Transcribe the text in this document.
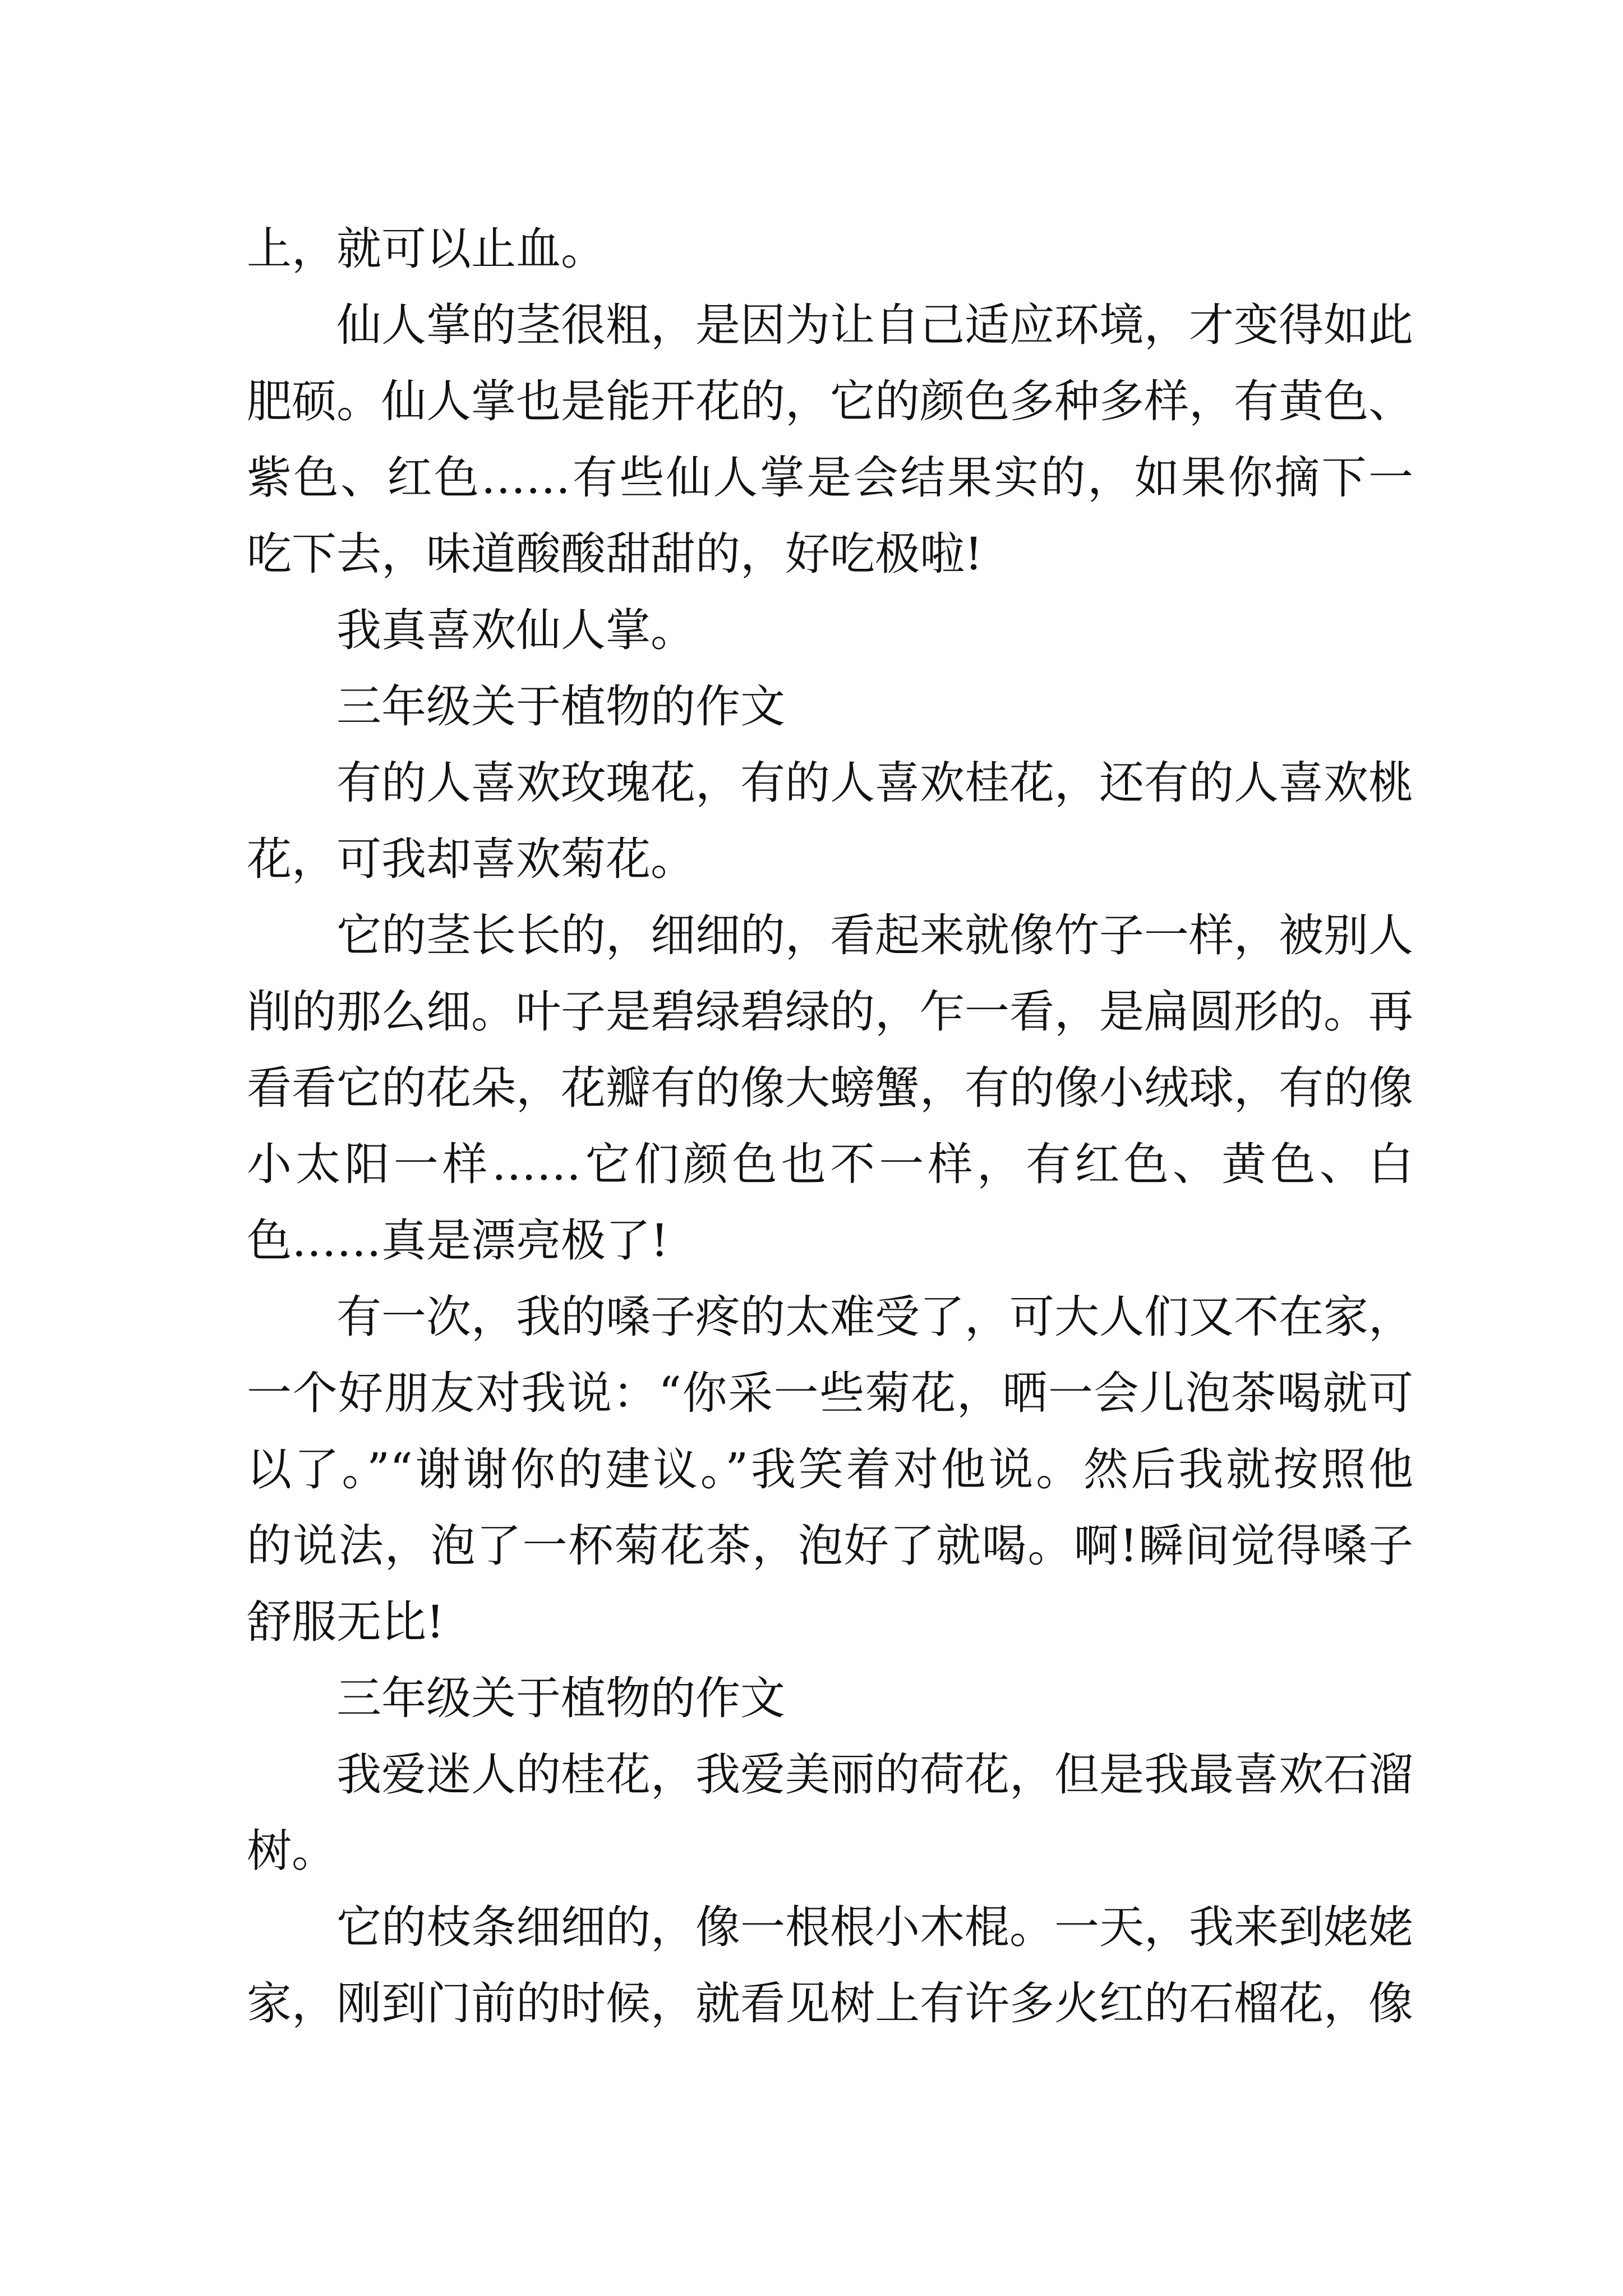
上，就可以止血。
仙人掌的茎很粗，是因为让自己适应环境，才变得如此
肥硕。仙人掌也是能开花的，它的颜色多种多样，有黄色、
紫色、红色……有些仙人掌是会结果实的，如果你摘下一
吃下去，味道酸酸甜甜的，好吃极啦!
我真喜欢仙人掌。
三年级关于植物的作文
有的人喜欢玫瑰花，有的人喜欢桂花，还有的人喜欢桃
花，可我却喜欢菊花。
它的茎长长的，细细的，看起来就像竹子一样，被别人
削的那么细。叶子是碧绿碧绿的，乍一看，是扁圆形的。再
看看它的花朵，花瓣有的像大螃蟹，有的像小绒球，有的像
小太阳一样……它们颜色也不一样，有红色、黄色、白
色……真是漂亮极了!
有一次，我的嗓子疼的太难受了，可大人们又不在家，
一个好朋友对我说：“你采一些菊花，晒一会儿泡茶喝就可
以了。”“谢谢你的建议。”我笑着对他说。然后我就按照他
的说法，泡了一杯菊花茶，泡好了就喝。啊!瞬间觉得嗓子
舒服无比!
三年级关于植物的作文
我爱迷人的桂花，我爱美丽的荷花，但是我最喜欢石溜
树。
它的枝条细细的，像一根根小木棍。一天，我来到姥姥
家，刚到门前的时候，就看见树上有许多火红的石榴花，像
